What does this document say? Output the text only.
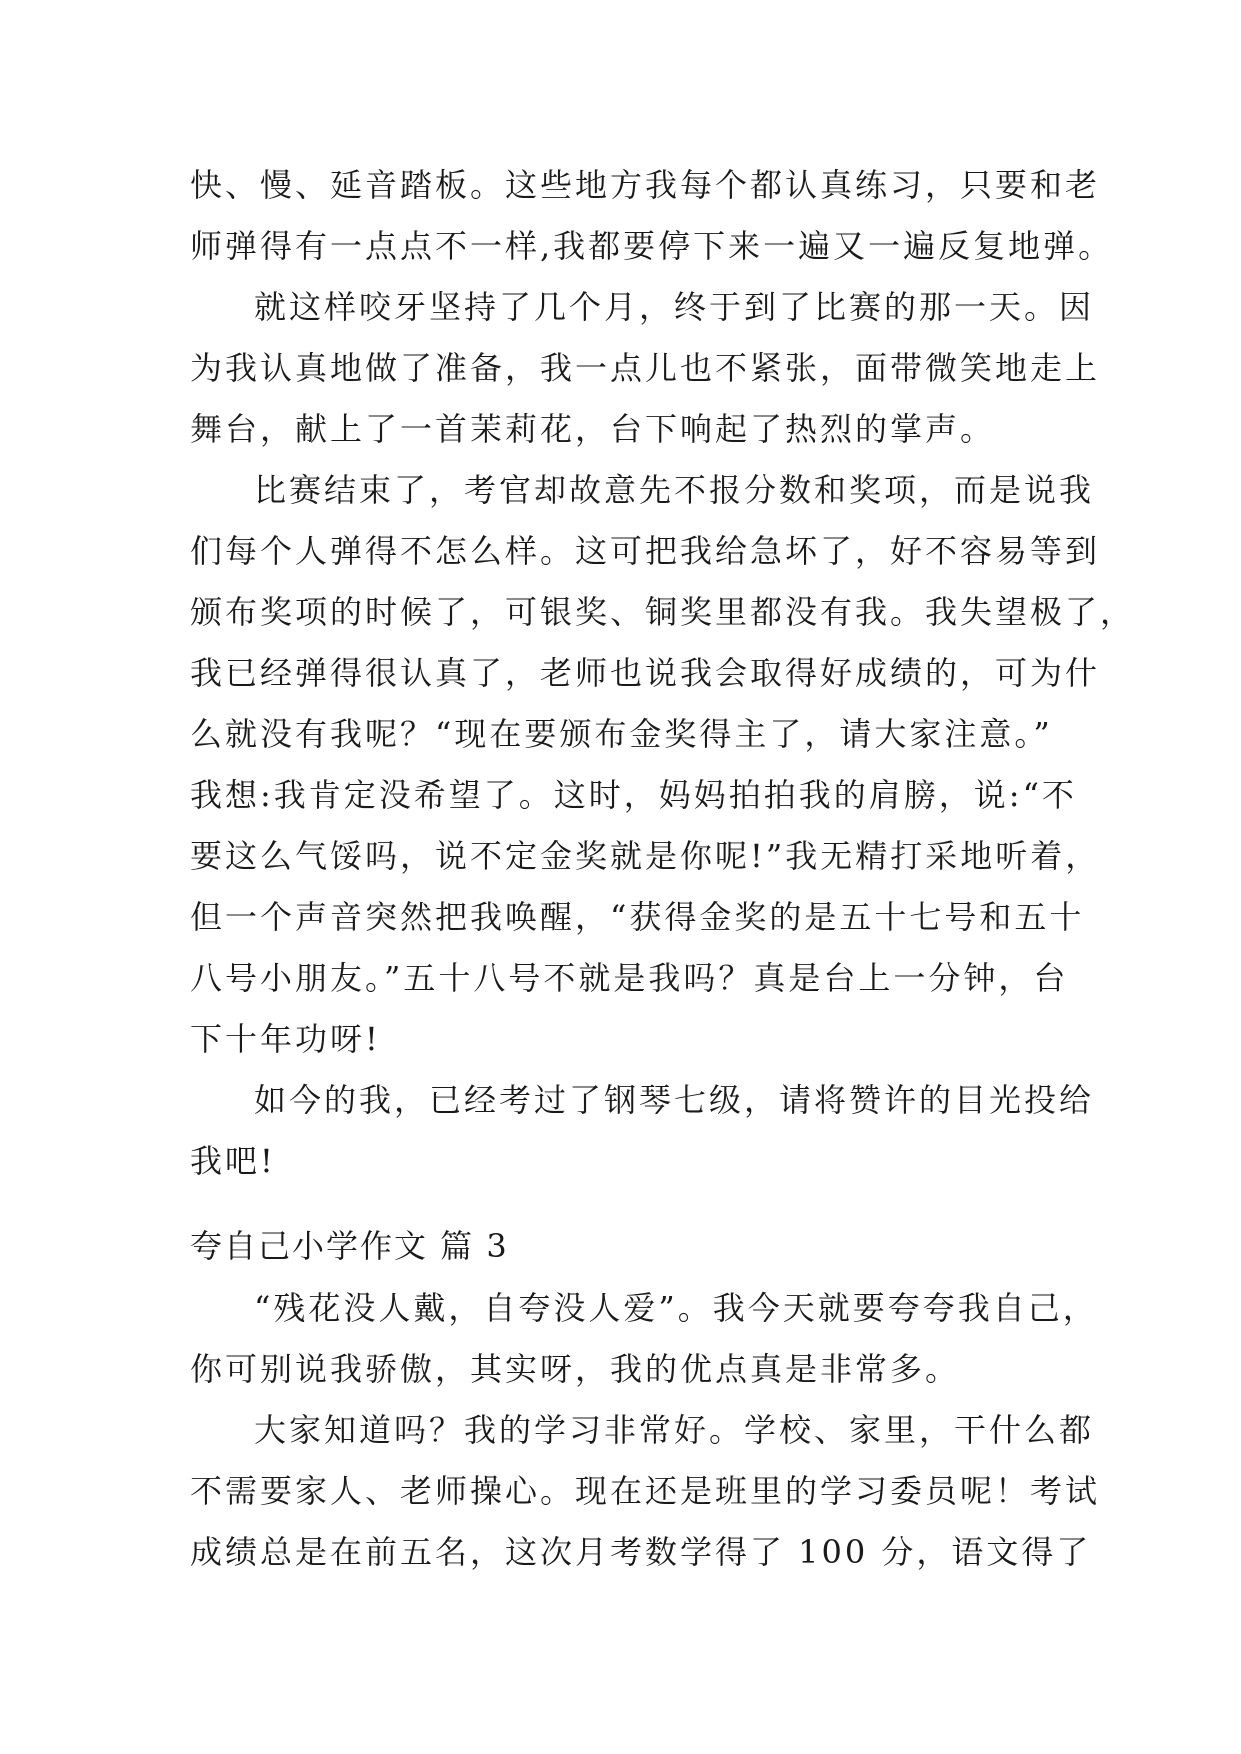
快、慢、延音踏板。这些地方我每个都认真练习，只要和老
师弹得有一点点不一样,我都要停下来一遍又一遍反复地弹。
就这样咬牙坚持了几个月，终于到了比赛的那一天。因
为我认真地做了准备，我一点儿也不紧张，面带微笑地走上
舞台，献上了一首茉莉花，台下响起了热烈的掌声。
比赛结束了，考官却故意先不报分数和奖项，而是说我
们每个人弹得不怎么样。这可把我给急坏了，好不容易等到
颁布奖项的时候了，可银奖、铜奖里都没有我。我失望极了，
我已经弹得很认真了，老师也说我会取得好成绩的，可为什
么就没有我呢？“现在要颁布金奖得主了，请大家注意。”
我想:我肯定没希望了。这时，妈妈拍拍我的肩膀，说:“不
要这么气馁吗，说不定金奖就是你呢!”我无精打采地听着，
但一个声音突然把我唤醒，“获得金奖的是五十七号和五十
八号小朋友。”五十八号不就是我吗？真是台上一分钟，台
下十年功呀!
如今的我，已经考过了钢琴七级，请将赞许的目光投给
我吧!
夸自己小学作文 篇 3
“残花没人戴，自夸没人爱”。我今天就要夸夸我自己，
你可别说我骄傲，其实呀，我的优点真是非常多。
大家知道吗？我的学习非常好。学校、家里，干什么都
不需要家人、老师操心。现在还是班里的学习委员呢！考试
成绩总是在前五名，这次月考数学得了 100 分，语文得了
